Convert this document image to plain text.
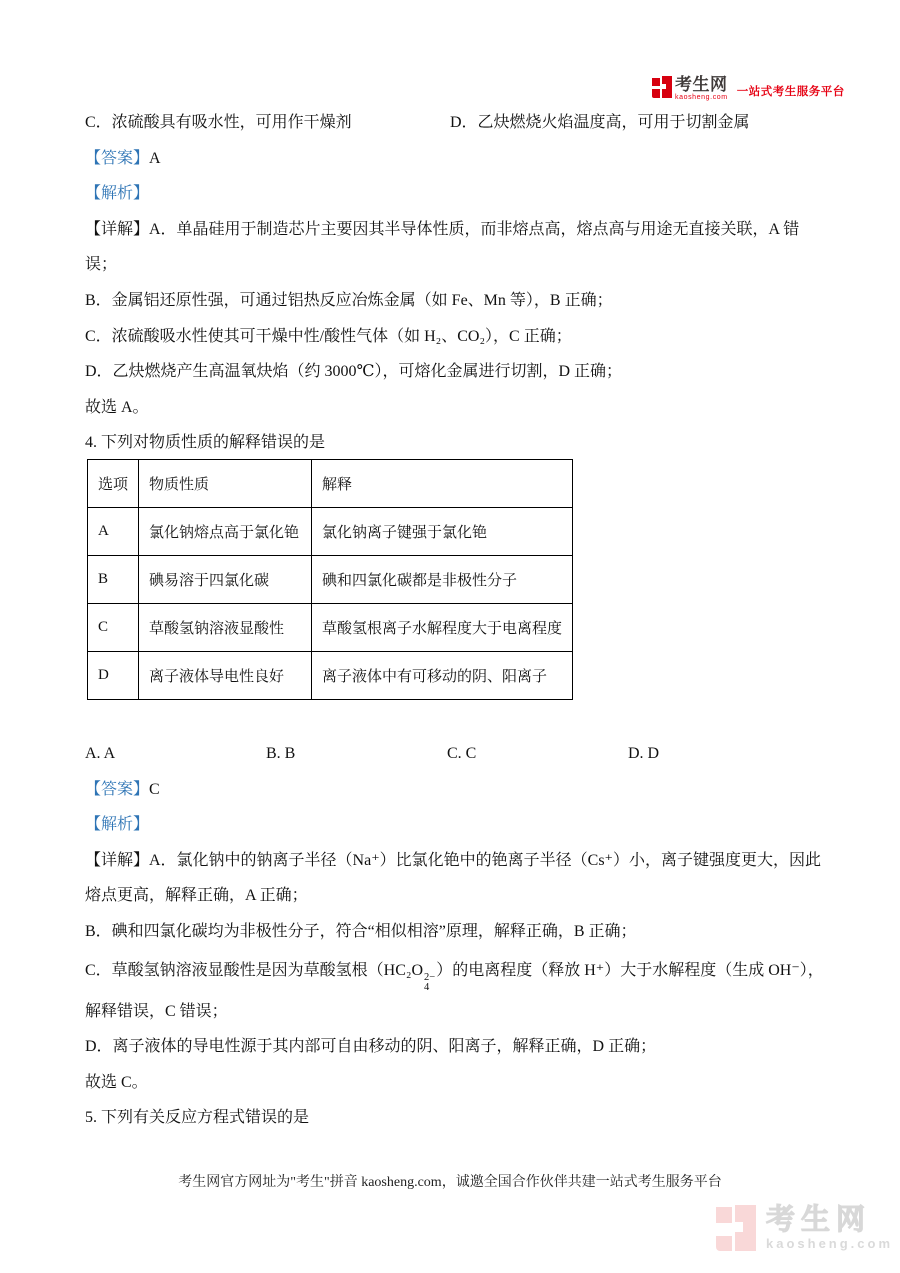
考生网
kaosheng.com 一站式考生服务平台
C．浓硫酸具有吸水性，可用作干燥剂	D．乙炔燃烧火焰温度高，可用于切割金属
【答案】A
【解析】
【详解】A．单晶硅用于制造芯片主要因其半导体性质，而非熔点高，熔点高与用途无直接关联，A 错
误；
B．金属铝还原性强，可通过铝热反应冶炼金属（如 Fe、Mn 等），B 正确；
C．浓硫酸吸水性使其可干燥中性/酸性气体（如 H₂、CO₂），C 正确；
D．乙炔燃烧产生高温氧炔焰（约 3000℃），可熔化金属进行切割，D 正确；
故选 A。
4. 下列对物质性质的解释错误的是
选项	物质性质	解释
A	氯化钠熔点高于氯化铯	氯化钠离子键强于氯化铯
B	碘易溶于四氯化碳	碘和四氯化碳都是非极性分子
C	草酸氢钠溶液显酸性	草酸氢根离子水解程度大于电离程度
D	离子液体导电性良好	离子液体中有可移动的阴、阳离子
A. A	B. B	C. C	D. D
【答案】C
【解析】
【详解】A．氯化钠中的钠离子半径（Na⁺）比氯化铯中的铯离子半径（Cs⁺）小，离子键强度更大，因此
熔点更高，解释正确，A 正确；
B．碘和四氯化碳均为非极性分子，符合“相似相溶”原理，解释正确，B 正确；
C．草酸氢钠溶液显酸性是因为草酸氢根（HC₂O 2−
4
）的电离程度（释放 H⁺）大于水解程度（生成 OH⁻），
解释错误，C 错误；
D．离子液体的导电性源于其内部可自由移动的阴、阳离子，解释正确，D 正确；
故选 C。
5. 下列有关反应方程式错误的是
考生网官方网址为"考生"拼音 kaosheng.com，诚邀全国合作伙伴共建一站式考生服务平台
考生网
kaosheng.com
